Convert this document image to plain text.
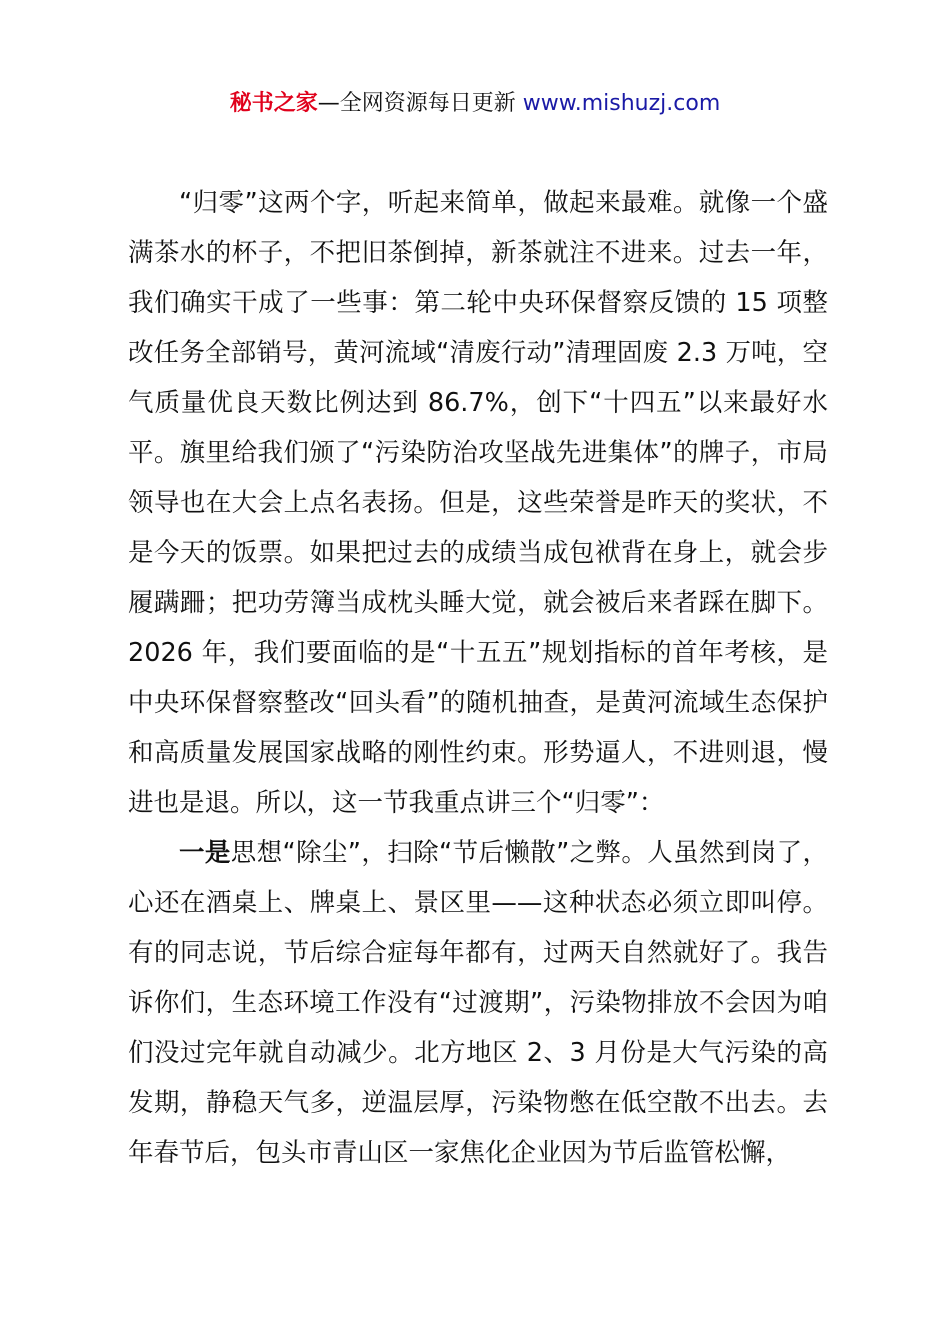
秘书之家—全网资源每日更新 www.mishuzj.com

“归零”这两个字，听起来简单，做起来最难。就像一个盛满茶水的杯子，不把旧茶倒掉，新茶就注不进来。过去一年，我们确实干成了一些事：第二轮中央环保督察反馈的 15 项整改任务全部销号，黄河流域“清废行动”清理固废 2.3 万吨，空气质量优良天数比例达到 86.7%，创下“十四五”以来最好水平。旗里给我们颁了“污染防治攻坚战先进集体”的牌子，市局领导也在大会上点名表扬。但是，这些荣誉是昨天的奖状，不是今天的饭票。如果把过去的成绩当成包袱背在身上，就会步履蹒跚；把功劳簿当成枕头睡大觉，就会被后来者踩在脚下。2026 年，我们要面临的是“十五五”规划指标的首年考核，是中央环保督察整改“回头看”的随机抽查，是黄河流域生态保护和高质量发展国家战略的刚性约束。形势逼人，不进则退，慢进也是退。所以，这一节我重点讲三个“归零”：

一是思想“除尘”，扫除“节后懒散”之弊。人虽然到岗了，心还在酒桌上、牌桌上、景区里——这种状态必须立即叫停。有的同志说，节后综合症每年都有，过两天自然就好了。我告诉你们，生态环境工作没有“过渡期”，污染物排放不会因为咱们没过完年就自动减少。北方地区 2、3 月份是大气污染的高发期，静稳天气多，逆温层厚，污染物憋在低空散不出去。去年春节后，包头市青山区一家焦化企业因为节后监管松懈，
